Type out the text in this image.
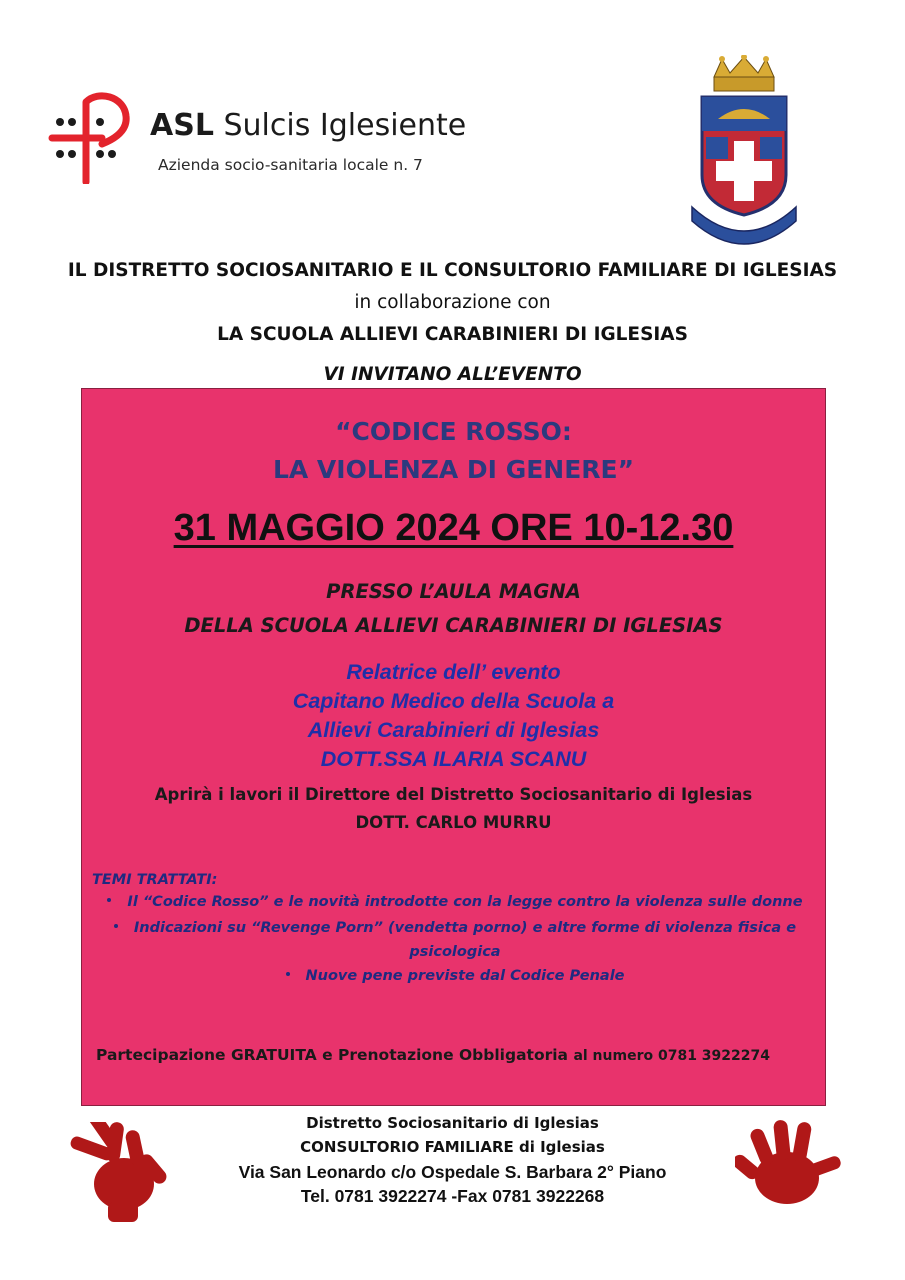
ASL Sulcis Iglesiente
Azienda socio-sanitaria locale n. 7
IL DISTRETTO SOCIOSANITARIO E IL CONSULTORIO FAMILIARE DI IGLESIAS
in collaborazione con
LA SCUOLA ALLIEVI CARABINIERI DI IGLESIAS
VI INVITANO ALL’EVENTO
“CODICE ROSSO:
LA VIOLENZA DI GENERE”
31 MAGGIO 2024 ORE 10-12.30
PRESSO L’AULA MAGNA
DELLA SCUOLA ALLIEVI CARABINIERI DI IGLESIAS
Relatrice dell’ evento
Capitano Medico della Scuola a
Allievi Carabinieri di Iglesias
DOTT.SSA ILARIA SCANU
Aprirà i lavori il Direttore del Distretto Sociosanitario di Iglesias
DOTT. CARLO MURRU
TEMI TRATTATI:
Il “Codice Rosso” e le novità introdotte con la legge contro la violenza sulle donne
Indicazioni su “Revenge Porn” (vendetta porno) e altre forme di violenza fisica e
psicologica
Nuove pene previste dal Codice Penale
Partecipazione GRATUITA e Prenotazione Obbligatoria al numero 0781 3922274
Distretto Sociosanitario di Iglesias
CONSULTORIO FAMILIARE di Iglesias
Via San Leonardo c/o Ospedale S. Barbara 2° Piano
Tel. 0781 3922274 -Fax 0781 3922268
